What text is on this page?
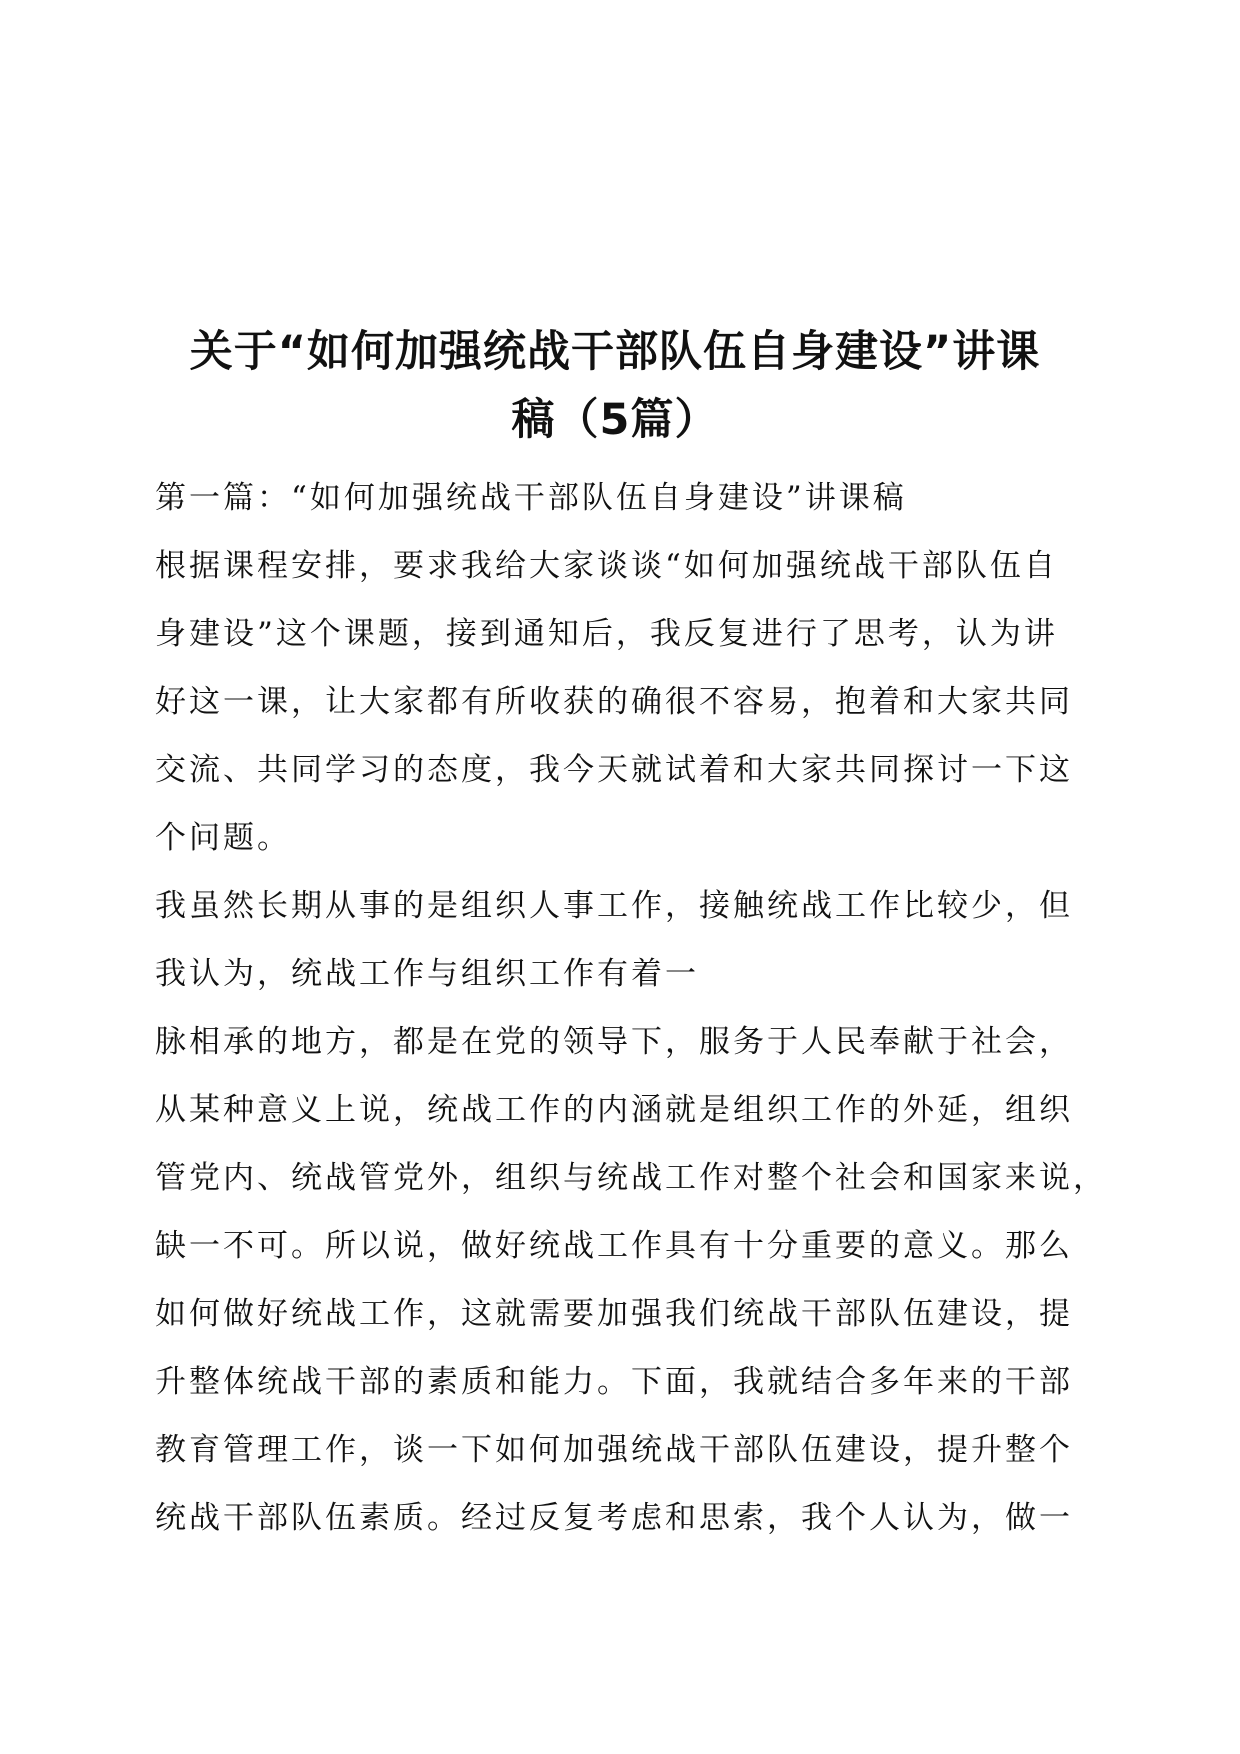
关于“如何加强统战干部队伍自身建设”讲课
稿（5篇）
第一篇：“如何加强统战干部队伍自身建设”讲课稿
根据课程安排，要求我给大家谈谈“如何加强统战干部队伍自
身建设”这个课题，接到通知后，我反复进行了思考，认为讲
好这一课，让大家都有所收获的确很不容易，抱着和大家共同
交流、共同学习的态度，我今天就试着和大家共同探讨一下这
个问题。
我虽然长期从事的是组织人事工作，接触统战工作比较少，但
我认为，统战工作与组织工作有着一
脉相承的地方，都是在党的领导下，服务于人民奉献于社会，
从某种意义上说，统战工作的内涵就是组织工作的外延，组织
管党内、统战管党外，组织与统战工作对整个社会和国家来说，
缺一不可。所以说，做好统战工作具有十分重要的意义。那么
如何做好统战工作，这就需要加强我们统战干部队伍建设，提
升整体统战干部的素质和能力。下面，我就结合多年来的干部
教育管理工作，谈一下如何加强统战干部队伍建设，提升整个
统战干部队伍素质。经过反复考虑和思索，我个人认为，做一
